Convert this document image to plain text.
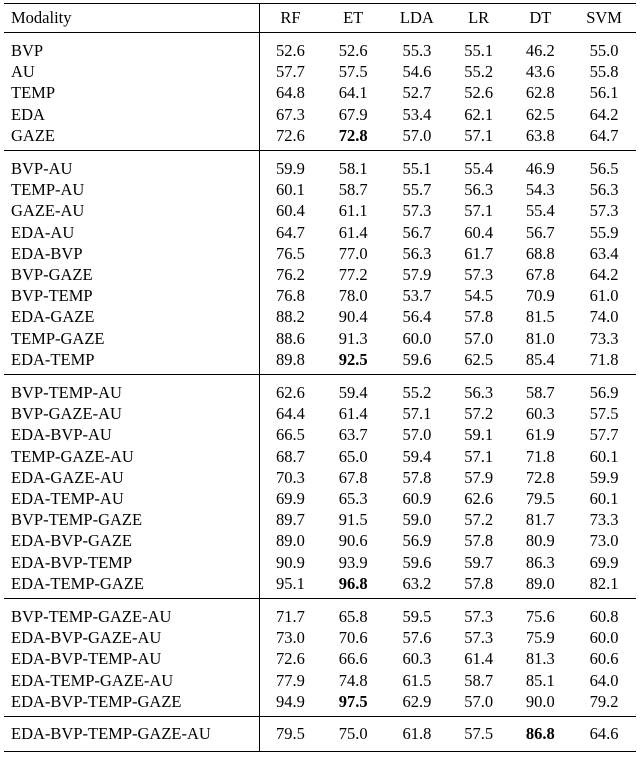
Modality	RF	ET	LDA	LR	DT	SVM
BVP	52.6	52.6	55.3	55.1	46.2	55.0
AU	57.7	57.5	54.6	55.2	43.6	55.8
TEMP	64.8	64.1	52.7	52.6	62.8	56.1
EDA	67.3	67.9	53.4	62.1	62.5	64.2
GAZE	72.6	72.8	57.0	57.1	63.8	64.7
BVP-AU	59.9	58.1	55.1	55.4	46.9	56.5
TEMP-AU	60.1	58.7	55.7	56.3	54.3	56.3
GAZE-AU	60.4	61.1	57.3	57.1	55.4	57.3
EDA-AU	64.7	61.4	56.7	60.4	56.7	55.9
EDA-BVP	76.5	77.0	56.3	61.7	68.8	63.4
BVP-GAZE	76.2	77.2	57.9	57.3	67.8	64.2
BVP-TEMP	76.8	78.0	53.7	54.5	70.9	61.0
EDA-GAZE	88.2	90.4	56.4	57.8	81.5	74.0
TEMP-GAZE	88.6	91.3	60.0	57.0	81.0	73.3
EDA-TEMP	89.8	92.5	59.6	62.5	85.4	71.8
BVP-TEMP-AU	62.6	59.4	55.2	56.3	58.7	56.9
BVP-GAZE-AU	64.4	61.4	57.1	57.2	60.3	57.5
EDA-BVP-AU	66.5	63.7	57.0	59.1	61.9	57.7
TEMP-GAZE-AU	68.7	65.0	59.4	57.1	71.8	60.1
EDA-GAZE-AU	70.3	67.8	57.8	57.9	72.8	59.9
EDA-TEMP-AU	69.9	65.3	60.9	62.6	79.5	60.1
BVP-TEMP-GAZE	89.7	91.5	59.0	57.2	81.7	73.3
EDA-BVP-GAZE	89.0	90.6	56.9	57.8	80.9	73.0
EDA-BVP-TEMP	90.9	93.9	59.6	59.7	86.3	69.9
EDA-TEMP-GAZE	95.1	96.8	63.2	57.8	89.0	82.1
BVP-TEMP-GAZE-AU	71.7	65.8	59.5	57.3	75.6	60.8
EDA-BVP-GAZE-AU	73.0	70.6	57.6	57.3	75.9	60.0
EDA-BVP-TEMP-AU	72.6	66.6	60.3	61.4	81.3	60.6
EDA-TEMP-GAZE-AU	77.9	74.8	61.5	58.7	85.1	64.0
EDA-BVP-TEMP-GAZE	94.9	97.5	62.9	57.0	90.0	79.2
EDA-BVP-TEMP-GAZE-AU	79.5	75.0	61.8	57.5	86.8	64.6
